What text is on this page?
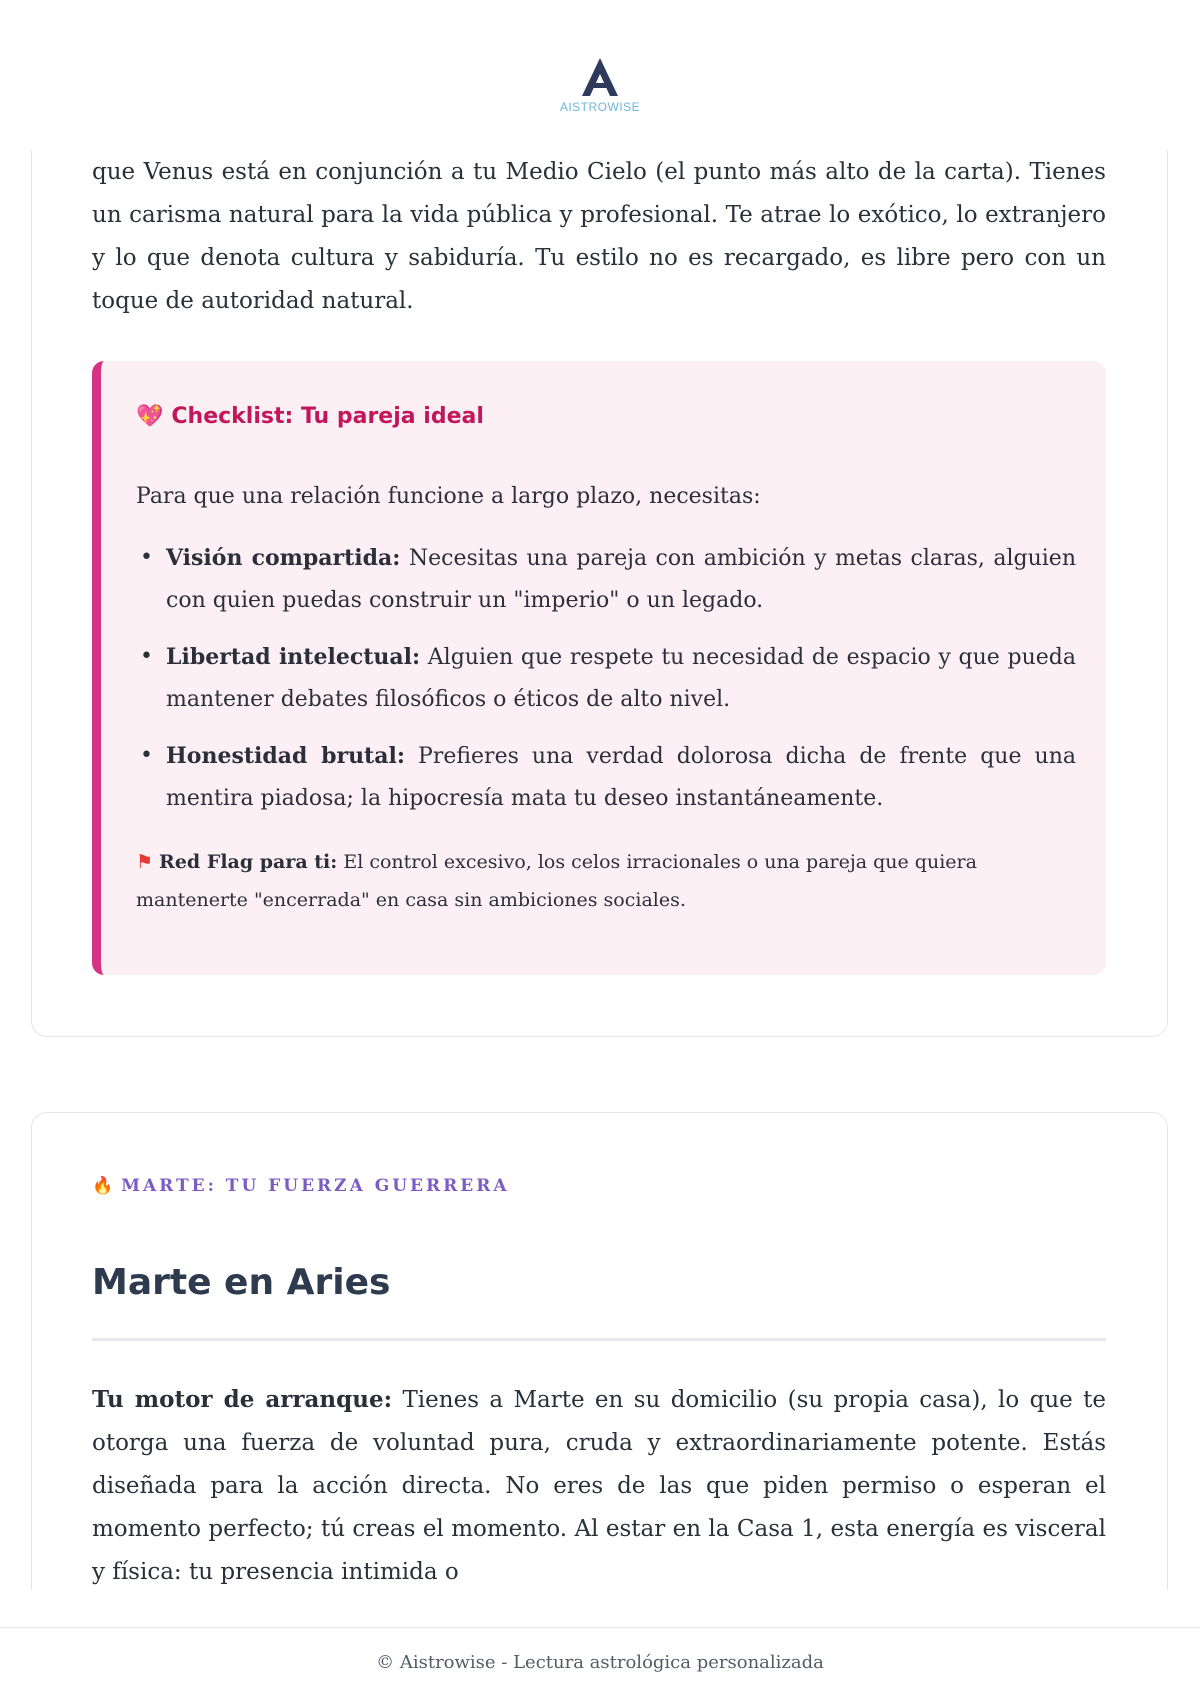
AISTROWISE

que Venus está en conjunción a tu Medio Cielo (el punto más alto de la carta). Tienes un carisma natural para la vida pública y profesional. Te atrae lo exótico, lo extranjero y lo que denota cultura y sabiduría. Tu estilo no es recargado, es libre pero con un toque de autoridad natural.

💖 Checklist: Tu pareja ideal

Para que una relación funcione a largo plazo, necesitas:

• Visión compartida: Necesitas una pareja con ambición y metas claras, alguien con quien puedas construir un "imperio" o un legado.
• Libertad intelectual: Alguien que respete tu necesidad de espacio y que pueda mantener debates filosóficos o éticos de alto nivel.
• Honestidad brutal: Prefieres una verdad dolorosa dicha de frente que una mentira piadosa; la hipocresía mata tu deseo instantáneamente.

⚑ Red Flag para ti: El control excesivo, los celos irracionales o una pareja que quiera mantenerte "encerrada" en casa sin ambiciones sociales.

🔥 MARTE: TU FUERZA GUERRERA
Marte en Aries

Tu motor de arranque: Tienes a Marte en su domicilio (su propia casa), lo que te otorga una fuerza de voluntad pura, cruda y extraordinariamente potente. Estás diseñada para la acción directa. No eres de las que piden permiso o esperan el momento perfecto; tú creas el momento. Al estar en la Casa 1, esta energía es visceral y física: tu presencia intimida o

© Aistrowise - Lectura astrológica personalizada
